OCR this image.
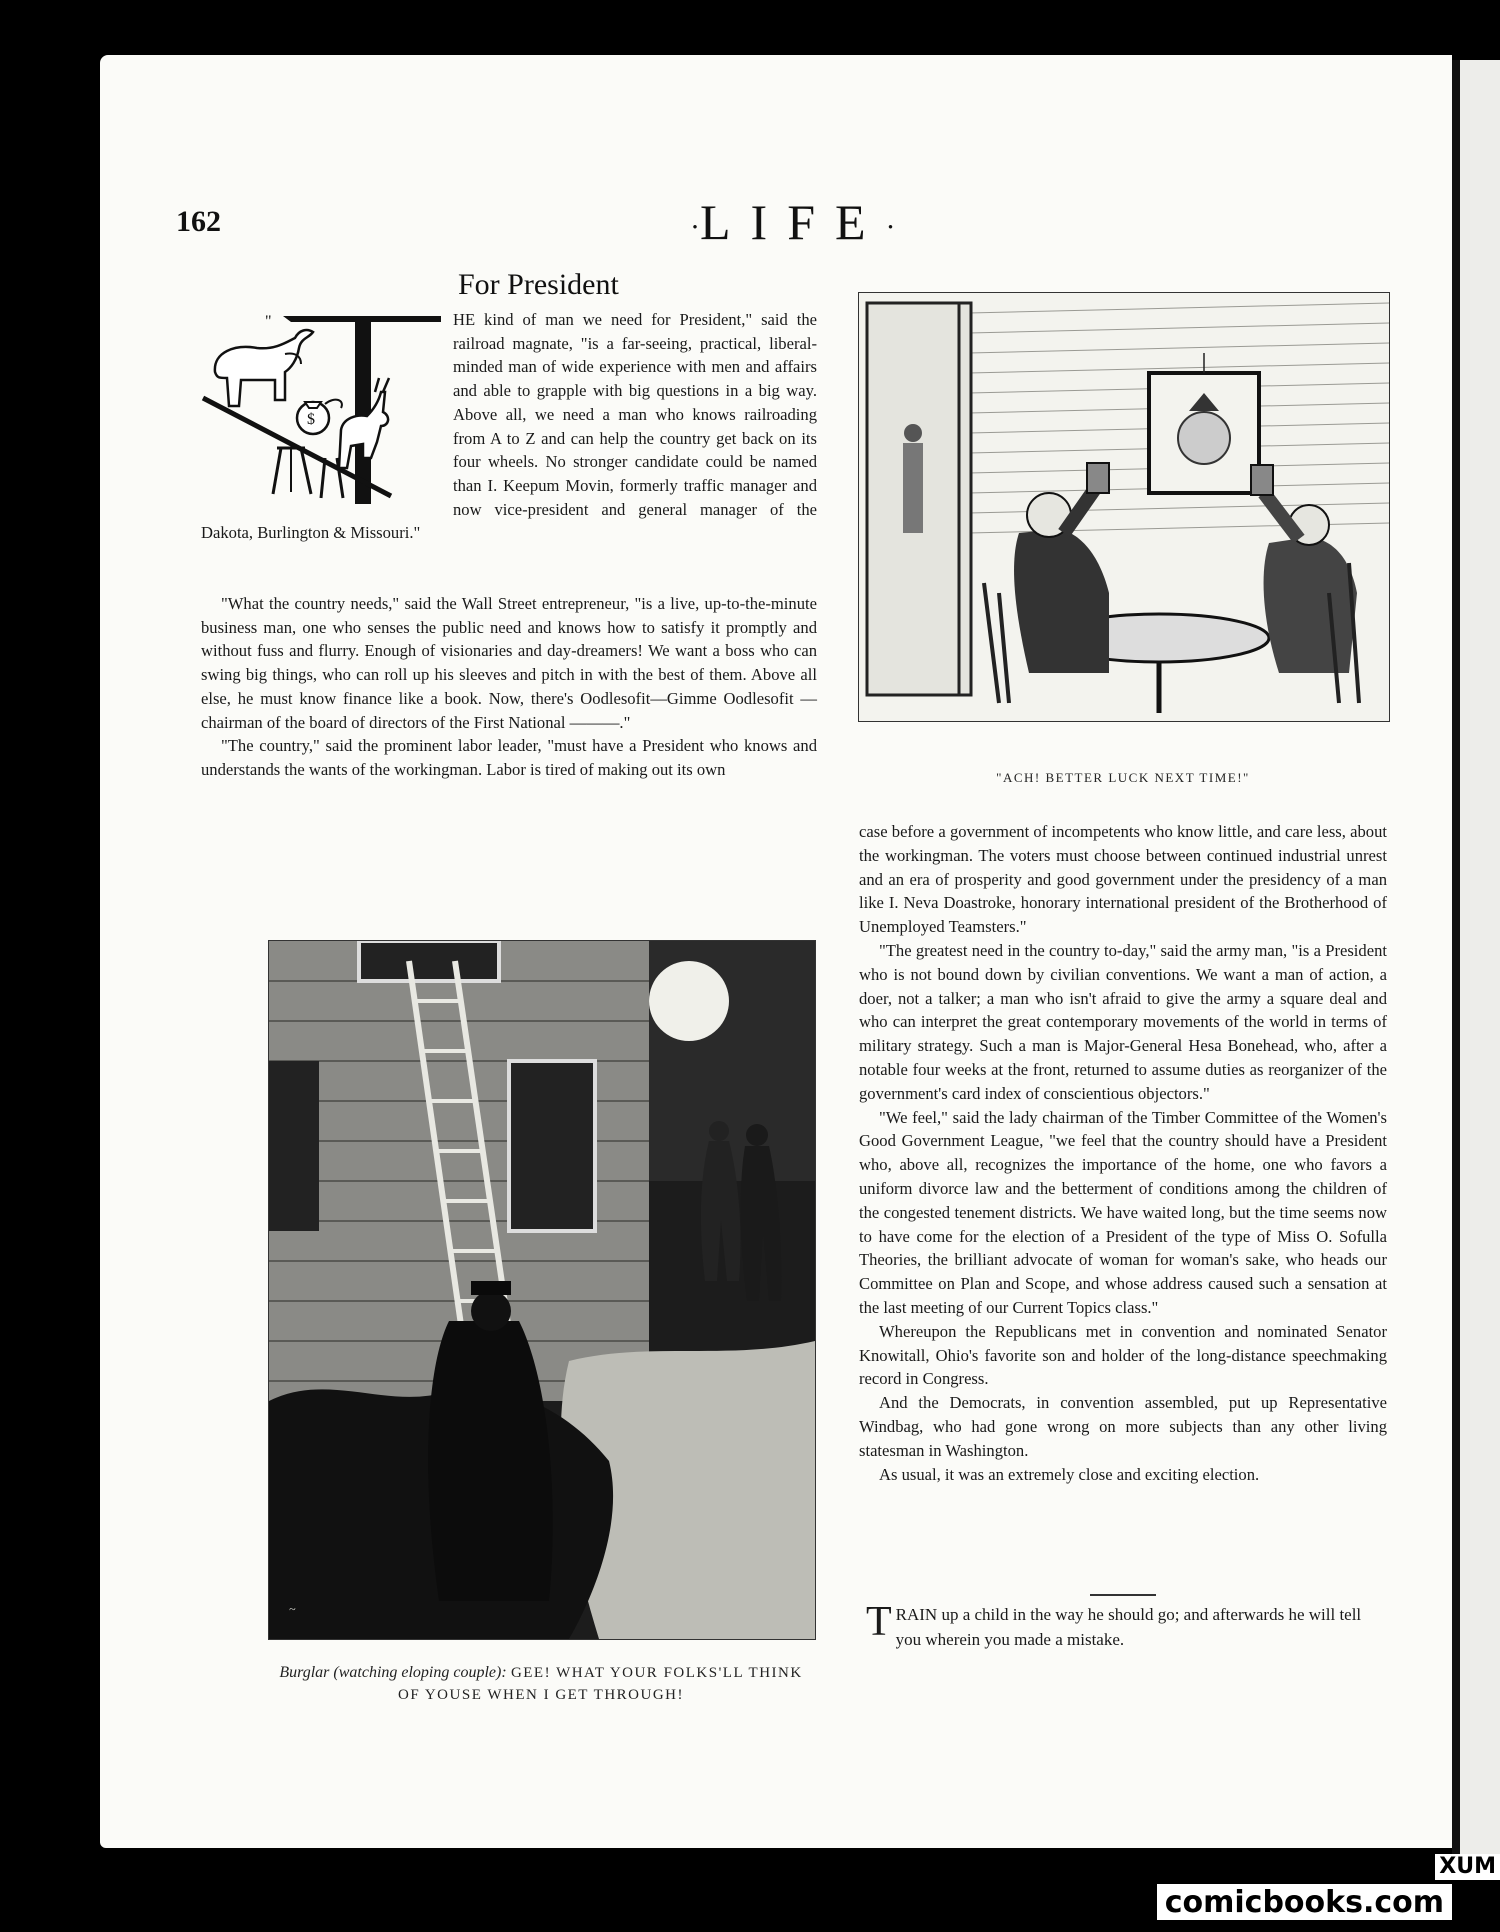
162	·LIFE·
For President
"
$
HE kind of man we need for President," said the railroad magnate, "is a far-seeing, practical, liberal-minded man of wide experience with men and affairs and able to grapple with big questions in a big way. Above all, we need a man who knows railroading from A to Z and can help the country get back on its four wheels. No stronger candidate could be named than I. Keepum Movin, formerly traffic manager and now vice-president and general manager of the Dakota, Burlington & Missouri."

"What the country needs," said the Wall Street entrepreneur, "is a live, up-to-the-minute business man, one who senses the public need and knows how to satisfy it promptly and without fuss and flurry. Enough of visionaries and day-dreamers! We want a boss who can swing big things, who can roll up his sleeves and pitch in with the best of them. Above all else, he must know finance like a book. Now, there's Oodlesofit—Gimme Oodlesofit —chairman of the board of directors of the First National ———."

"The country," said the prominent labor leader, "must have a President who knows and understands the wants of the workingman. Labor is tired of making out its own	"ACH! BETTER LUCK NEXT TIME!"

case before a government of incompetents who know little, and care less, about the workingman. The voters must choose between continued industrial unrest and an era of prosperity and good government under the presidency of a man like I. Neva Doastroke, honorary international president of the Brotherhood of Unemployed Teamsters."

"The greatest need in the country to-day," said the army man, "is a President who is not bound down by civilian conventions. We want a man of action, a doer, not a talker; a man who isn't afraid to give the army a square deal and who can interpret the great contemporary movements of the world in terms of military strategy. Such a man is Major-General Hesa Bonehead, who, after a notable four weeks at the front, returned to assume duties as reorganizer of the government's card index of conscientious objectors."

"We feel," said the lady chairman of the Timber Committee of the Women's Good Government League, "we feel that the country should have a President who, above all, recognizes the importance of the home, one who favors a uniform divorce law and the betterment of conditions among the children of the congested tenement districts. We have waited long, but the time seems now to have come for the election of a President of the type of Miss O. Sofulla Theories, the brilliant advocate of woman for woman's sake, who heads our Committee on Plan and Scope, and whose address caused such a sensation at the last meeting of our Current Topics class."

Whereupon the Republicans met in convention and nominated Senator Knowitall, Ohio's favorite son and holder of the long-distance speechmaking record in Congress.

And the Democrats, in convention assembled, put up Representative Windbag, who had gone wrong on more subjects than any other living statesman in Washington.

As usual, it was an extremely close and exciting election.

~
Burglar (watching eloping couple): GEE! WHAT YOUR FOLKS'LL THINK OF YOUSE WHEN I GET THROUGH!
T RAIN up a child in the way he should go; and afterwards he will tell you wherein you made a mistake.
comicbooks.com
XUM
